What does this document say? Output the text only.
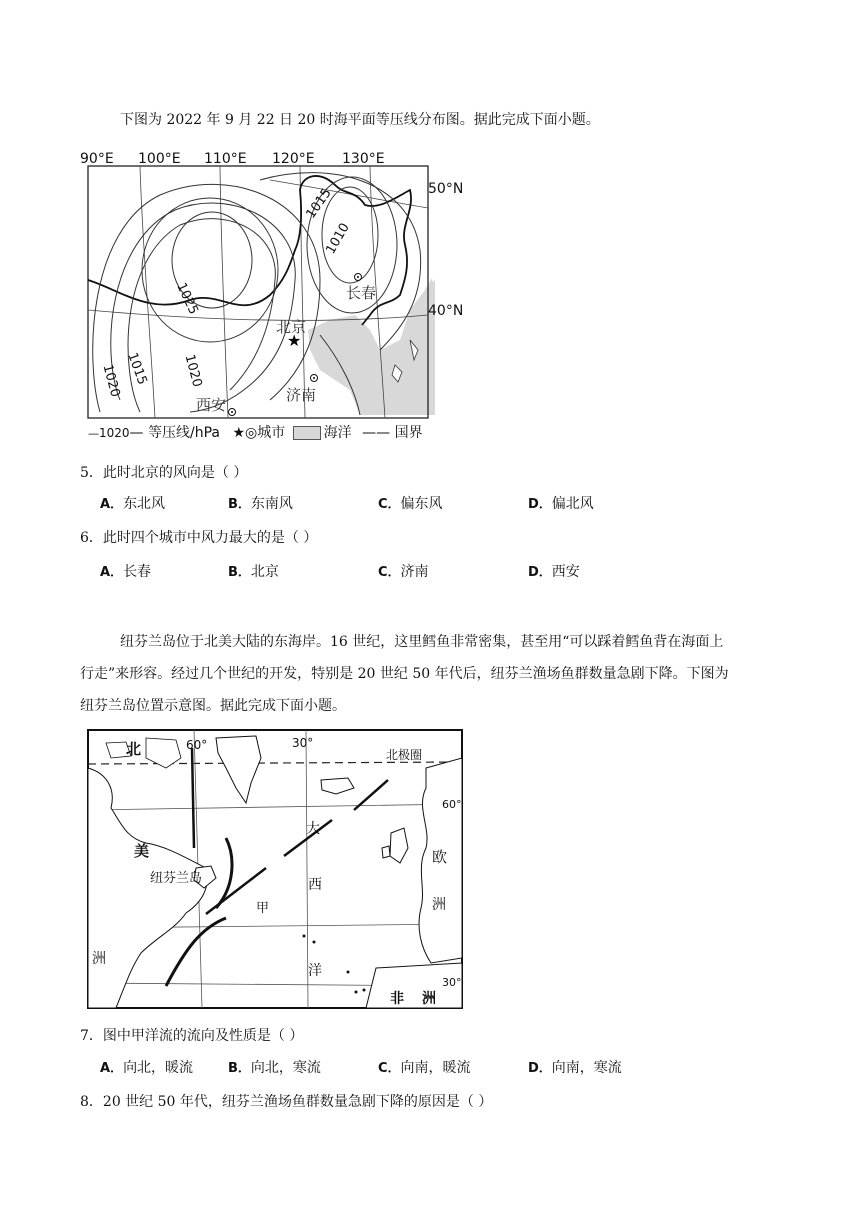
下图为 2022 年 9 月 22 日 20 时海平面等压线分布图。据此完成下面小题。
★
90°E 100°E 110°E 120°E 130°E
50°N
40°N
1015
1010
1025
1015 1020
1020
北京
长春
济南
西安
—1020— 等压线/hPa ★◎城市	海洋 —— 国界
5．此时北京的风向是（ ）
A．东北风	B．东南风	C．偏东风	D．偏北风
6．此时四个城市中风力最大的是（ ）
A．长春	B．北京	C．济南	D．西安
纽芬兰岛位于北美大陆的东海岸。16 世纪，这里鳕鱼非常密集，甚至用“可以踩着鳕鱼背在海面上
行走”来形容。经过几个世纪的开发，特别是 20 世纪 50 年代后，纽芬兰渔场鱼群数量急剧下降。下图为
纽芬兰岛位置示意图。据此完成下面小题。
北	60°	30°
北极圈
60°
大
美	欧
纽芬兰岛
甲
西
洲
洲
洋
30°
非 洲
7．图中甲洋流的流向及性质是（ ）
A．向北，暖流	B．向北，寒流	C．向南，暖流	D．向南，寒流
8．20 世纪 50 年代，纽芬兰渔场鱼群数量急剧下降的原因是（ ）
